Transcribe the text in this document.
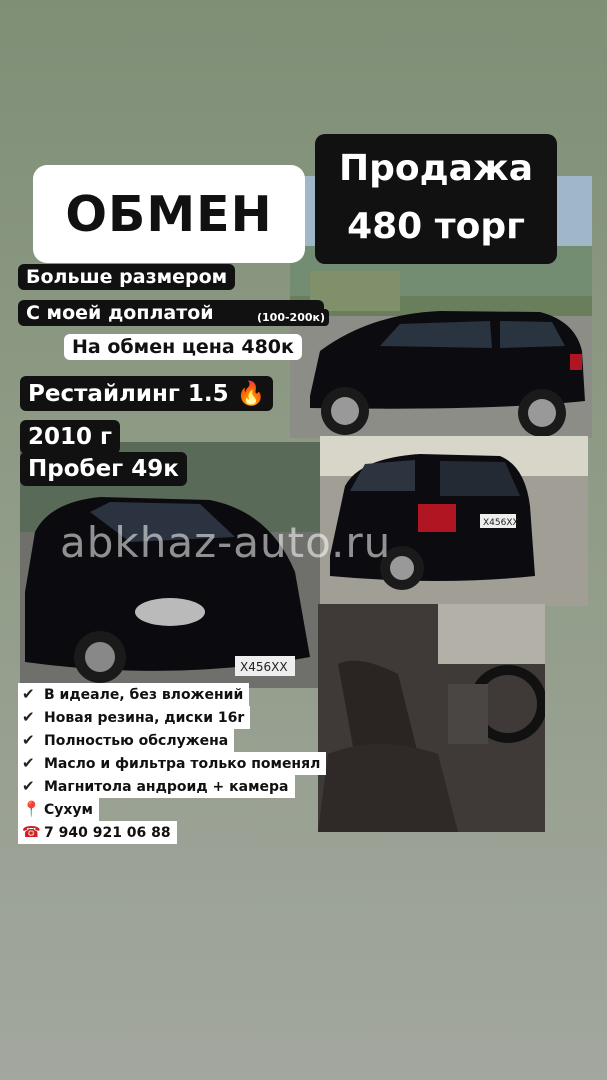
X456XX
X456XX
abkhaz-auto.ru
ОБМЕН
Продажа
480 торг
Больше размером
С моей доплатой	(100-200к)
На обмен цена 480к
Рестайлинг 1.5 🔥
2010 г
Пробег 49к
✔ В идеале, без вложений
✔ Новая резина, диски 16r
✔ Полностью обслужена
✔ Масло и фильтра только поменял
✔ Магнитола андроид + камера
📍 Сухум
☎ 7 940 921 06 88
